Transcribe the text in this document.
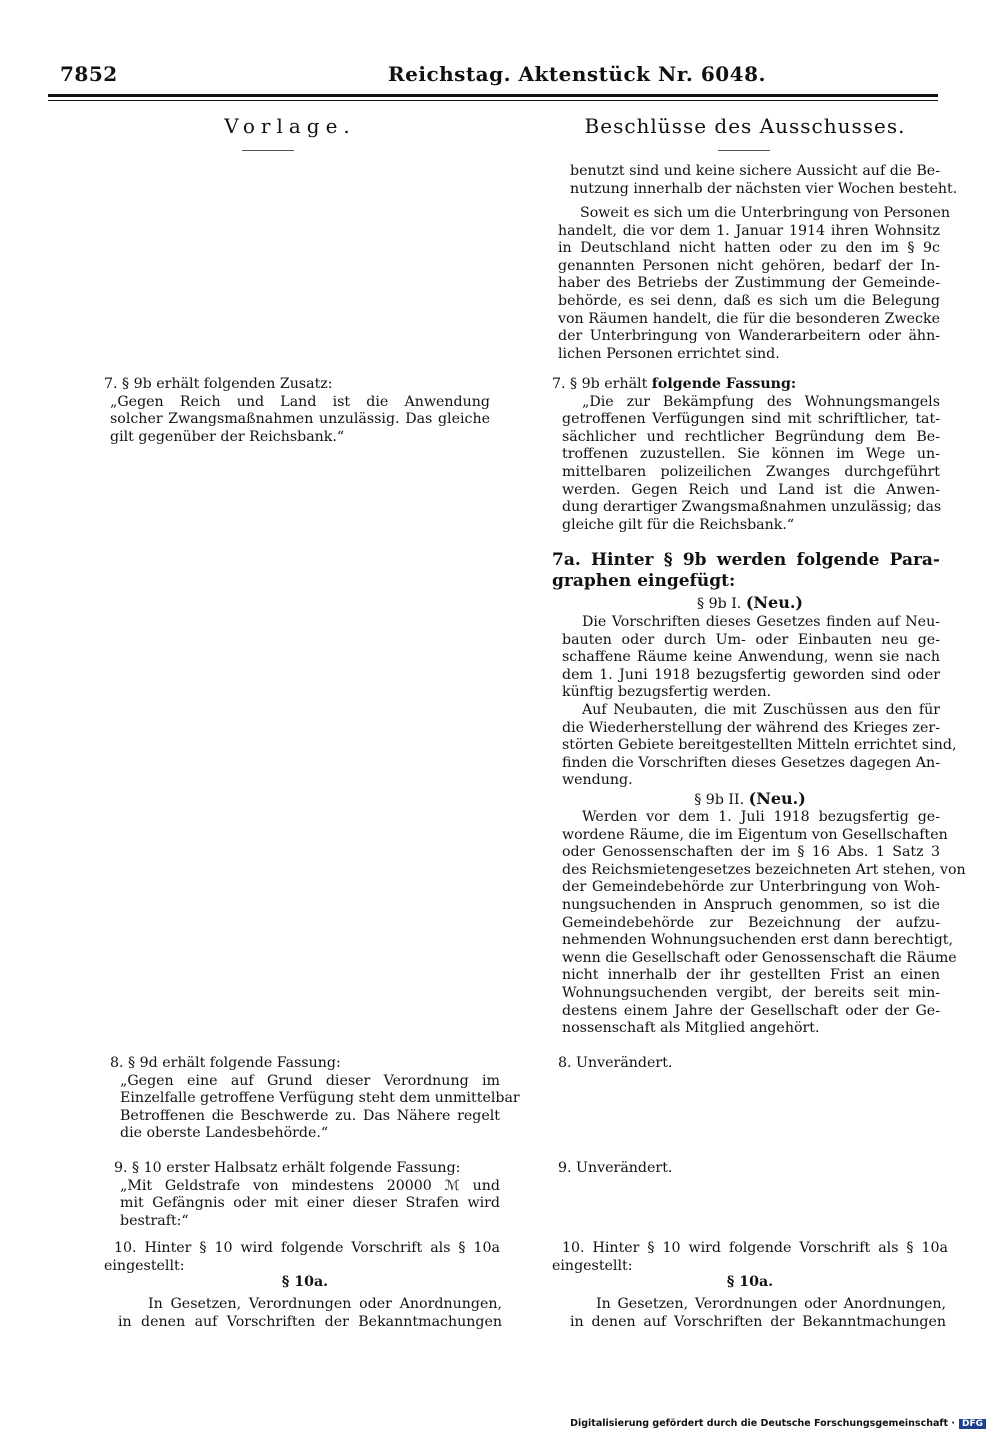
7852	Reichstag. Aktenstück Nr. 6048.
Vorlage.	Beschlüsse des Ausschusses.
benutzt sind und keine sichere Aussicht auf die Be-
nutzung innerhalb der nächsten vier Wochen besteht.
Soweit es sich um die Unterbringung von Personen
handelt, die vor dem 1. Januar 1914 ihren Wohnsitz
in Deutschland nicht hatten oder zu den im § 9c
genannten Personen nicht gehören, bedarf der In-
haber des Betriebs der Zustimmung der Gemeinde-
behörde, es sei denn, daß es sich um die Belegung
von Räumen handelt, die für die besonderen Zwecke
der Unterbringung von Wanderarbeitern oder ähn-
lichen Personen errichtet sind.
7. § 9b erhält folgende Fassung:
„Die zur Bekämpfung des Wohnungsmangels
getroffenen Verfügungen sind mit schriftlicher, tat-
sächlicher und rechtlicher Begründung dem Be-
troffenen zuzustellen. Sie können im Wege un-
mittelbaren polizeilichen Zwanges durchgeführt
werden. Gegen Reich und Land ist die Anwen-
dung derartiger Zwangsmaßnahmen unzulässig; das
gleiche gilt für die Reichsbank.“
7a. Hinter § 9b werden folgende Para-
graphen eingefügt:
§ 9b I. (Neu.)
Die Vorschriften dieses Gesetzes finden auf Neu-
bauten oder durch Um- oder Einbauten neu ge-
schaffene Räume keine Anwendung, wenn sie nach
dem 1. Juni 1918 bezugsfertig geworden sind oder
künftig bezugsfertig werden.
Auf Neubauten, die mit Zuschüssen aus den für
die Wiederherstellung der während des Krieges zer-
störten Gebiete bereitgestellten Mitteln errichtet sind,
finden die Vorschriften dieses Gesetzes dagegen An-
wendung.
§ 9b II. (Neu.)
Werden vor dem 1. Juli 1918 bezugsfertig ge-
wordene Räume, die im Eigentum von Gesellschaften
oder Genossenschaften der im § 16 Abs. 1 Satz 3
des Reichsmietengesetzes bezeichneten Art stehen, von
der Gemeindebehörde zur Unterbringung von Woh-
nungsuchenden in Anspruch genommen, so ist die
Gemeindebehörde zur Bezeichnung der aufzu-
nehmenden Wohnungsuchenden erst dann berechtigt,
wenn die Gesellschaft oder Genossenschaft die Räume
nicht innerhalb der ihr gestellten Frist an einen
Wohnungsuchenden vergibt, der bereits seit min-
destens einem Jahre der Gesellschaft oder der Ge-
nossenschaft als Mitglied angehört.
8. Unverändert.
9. Unverändert.
10. Hinter § 10 wird folgende Vorschrift als § 10a
eingestellt:
§ 10a.
In Gesetzen, Verordnungen oder Anordnungen,
in denen auf Vorschriften der Bekanntmachungen
7. § 9b erhält folgenden Zusatz:
„Gegen Reich und Land ist die Anwendung
solcher Zwangsmaßnahmen unzulässig. Das gleiche
gilt gegenüber der Reichsbank.“
8. § 9d erhält folgende Fassung:
„Gegen eine auf Grund dieser Verordnung im
Einzelfalle getroffene Verfügung steht dem unmittelbar
Betroffenen die Beschwerde zu. Das Nähere regelt
die oberste Landesbehörde.“
9. § 10 erster Halbsatz erhält folgende Fassung:
„Mit Geldstrafe von mindestens 20000 ℳ und
mit Gefängnis oder mit einer dieser Strafen wird
bestraft:“
10. Hinter § 10 wird folgende Vorschrift als § 10a
eingestellt:
§ 10a.
In Gesetzen, Verordnungen oder Anordnungen,
in denen auf Vorschriften der Bekanntmachungen
Digitalisierung gefördert durch die Deutsche Forschungsgemeinschaft · DFG
